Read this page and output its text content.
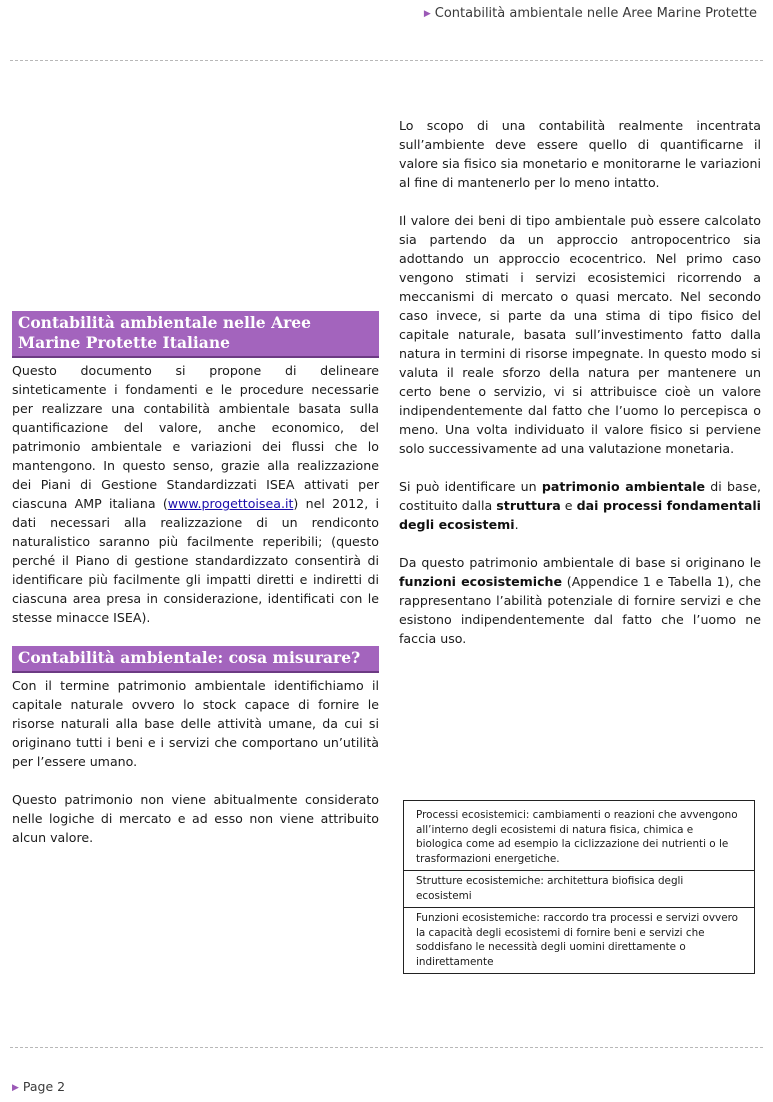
▶ Contabilità ambientale nelle Aree Marine Protette
Contabilità ambientale nelle Aree Marine Protette Italiane

Questo documento si propone di delineare sinteticamente i fondamenti e le procedure necessarie per realizzare una contabilità ambientale basata sulla quantificazione del valore, anche economico, del patrimonio ambientale e variazioni dei flussi che lo mantengono. In questo senso, grazie alla realizzazione dei Piani di Gestione Standardizzati ISEA attivati per ciascuna AMP italiana (www.progettoisea.it) nel 2012, i dati necessari alla realizzazione di un rendiconto naturalistico saranno più facilmente reperibili; (questo perché il Piano di gestione standardizzato consentirà di identificare più facilmente gli impatti diretti e indiretti di ciascuna area presa in considerazione, identificati con le stesse minacce ISEA).

Contabilità ambientale: cosa misurare?

Con il termine patrimonio ambientale identifichiamo il capitale naturale ovvero lo stock capace di fornire le risorse naturali alla base delle attività umane, da cui si originano tutti i beni e i servizi che comportano un’utilità per l’essere umano.

Questo patrimonio non viene abitualmente considerato nelle logiche di mercato e ad esso non viene attribuito alcun valore.

Lo scopo di una contabilità realmente incentrata sull’ambiente deve essere quello di quantificarne il valore sia fisico sia monetario e monitorarne le variazioni al fine di mantenerlo per lo meno intatto.

Il valore dei beni di tipo ambientale può essere calcolato sia partendo da un approccio antropocentrico sia adottando un approccio ecocentrico. Nel primo caso vengono stimati i servizi ecosistemici ricorrendo a meccanismi di mercato o quasi mercato. Nel secondo caso invece, si parte da una stima di tipo fisico del capitale naturale, basata sull’investimento fatto dalla natura in termini di risorse impegnate. In questo modo si valuta il reale sforzo della natura per mantenere un certo bene o servizio, vi si attribuisce cioè un valore indipendentemente dal fatto che l’uomo lo percepisca o meno. Una volta individuato il valore fisico si perviene solo successivamente ad una valutazione monetaria.

Si può identificare un patrimonio ambientale di base, costituito dalla struttura e dai processi fondamentali degli ecosistemi.

Da questo patrimonio ambientale di base si originano le funzioni ecosistemiche (Appendice 1 e Tabella 1), che rappresentano l’abilità potenziale di fornire servizi e che esistono indipendentemente dal fatto che l’uomo ne faccia uso.

Processi ecosistemici: cambiamenti o reazioni che avvengono all’interno degli ecosistemi di natura fisica, chimica e biologica come ad esempio la ciclizzazione dei nutrienti o le trasformazioni energetiche.
Strutture ecosistemiche: architettura biofisica degli ecosistemi
Funzioni ecosistemiche: raccordo tra processi e servizi ovvero la capacità degli ecosistemi di fornire beni e servizi che soddisfano le necessità degli uomini direttamente o indirettamente
▶ Page 2
